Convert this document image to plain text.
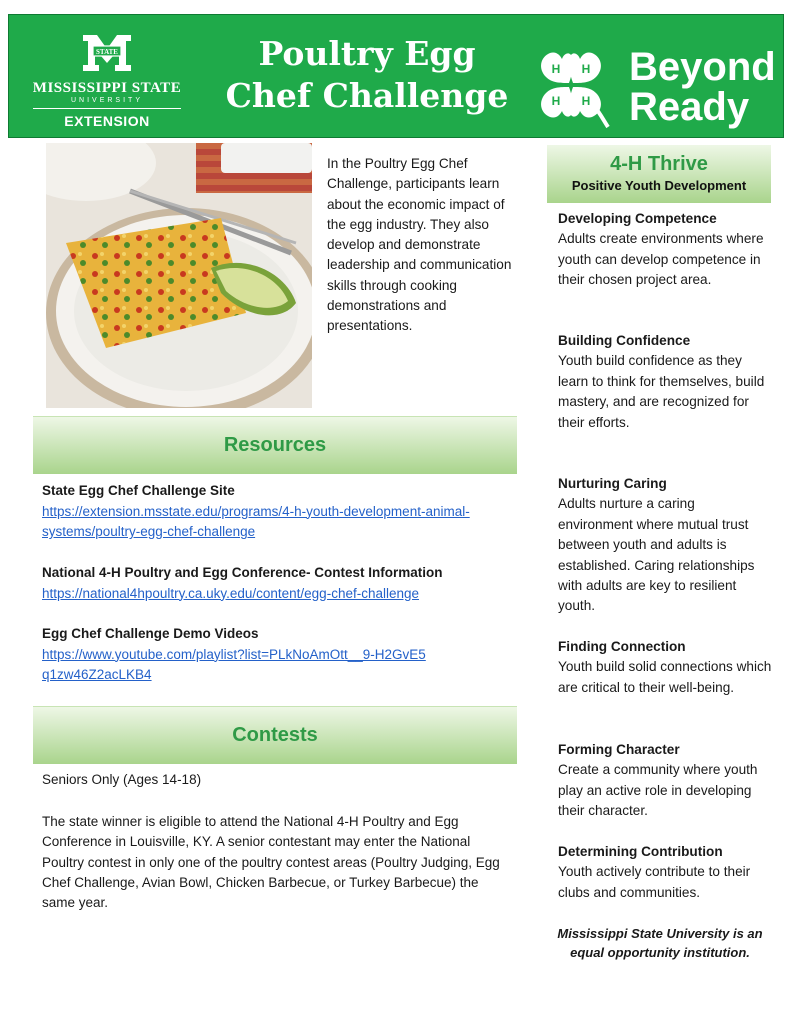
STATE
MISSISSIPPI STATE
UNIVERSITY
EXTENSION
Poultry Egg
Chef Challenge
H H
H H
Beyond
Ready
In the Poultry Egg Chef Challenge, participants learn about the economic impact of the egg industry. They also develop and demonstrate leadership and communication skills through cooking demonstrations and presentations.
Resources
State Egg Chef Challenge Site
https://extension.msstate.edu/programs/4-h-youth-development-animal-systems/poultry-egg-chef-challenge
National 4-H Poultry and Egg Conference- Contest Information
https://national4hpoultry.ca.uky.edu/content/egg-chef-challenge
Egg Chef Challenge Demo Videos
https://www.youtube.com/playlist?list=PLkNoAmOtt__9-H2GvE5q1zw46Z2acLKB4
Contests
Seniors Only (Ages 14-18)
The state winner is eligible to attend the National 4-H Poultry and Egg Conference in Louisville, KY. A senior contestant may enter the National Poultry contest in only one of the poultry contest areas (Poultry Judging, Egg Chef Challenge, Avian Bowl, Chicken Barbecue, or Turkey Barbecue) the same year.
4-H Thrive
Positive Youth Development
Developing Competence
Adults create environments where youth can develop competence in their chosen project area.
Building Confidence
Youth build confidence as they learn to think for themselves, build mastery, and are recognized for their efforts.
Nurturing Caring
Adults nurture a caring environment where mutual trust between youth and adults is established. Caring relationships with adults are key to resilient youth.
Finding Connection
Youth build solid connections which are critical to their well-being.
Forming Character
Create a community where youth play an active role in developing their character.
Determining Contribution
Youth actively contribute to their clubs and communities.
Mississippi State University is an equal opportunity institution.
